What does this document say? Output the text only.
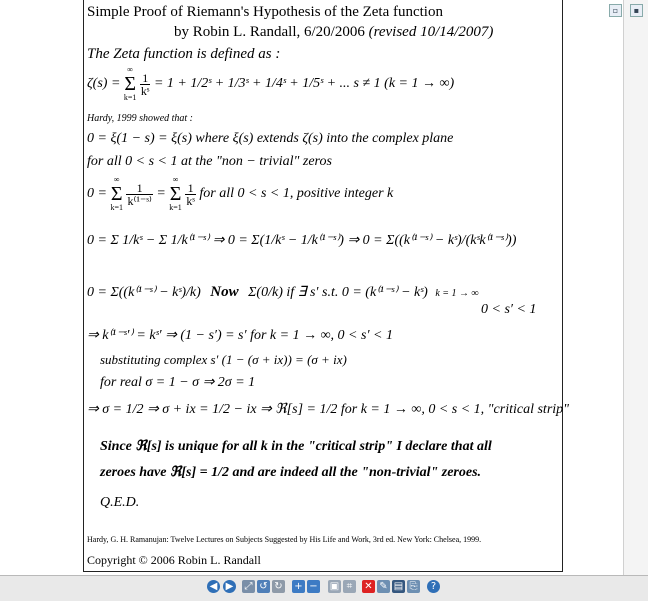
Simple Proof of Riemann's Hypothesis of the Zeta function
by Robin L. Randall, 6/20/2006 (revised 10/14/2007)
The Zeta function is defined as :
ζ(s) =
∞
Σ
k=1

$\frac{1}{\text{kˢ}} = 1$ + 1/2ˢ + 1/3ˢ + 1/4ˢ + 1/5ˢ + ... s ≠ 1 (k = 1 → ∞)
Hardy, 1999 showed that :
0 = ξ(1 − s) = ξ(s) where ξ(s) extends ζ(s) into the complex plane
for all 0 < s < 1 at the "non − trivial" zeros
0 =
∞
Σ
k=1

$\frac{1}{\text{k⁽¹⁻ˢ⁾}}$ =
∞
Σ
k=1

$\frac{1}{\text{kˢ}}$ for all 0 < s < 1, positive integer k
0 = Σ 1/kˢ − Σ 1/k⁽¹⁻ˢ⁾ ⇒ 0 = Σ(1/kˢ − 1/k⁽¹⁻ˢ⁾) ⇒ 0 = Σ((k⁽¹⁻ˢ⁾ − kˢ)/(kˢk⁽¹⁻ˢ⁾))
0 = Σ((k⁽¹⁻ˢ⁾ − kˢ)/k) Now Σ(0/k) if ∃ s′ s.t. 0 = (k⁽¹⁻ˢ⁾ − kˢ) k = 1 → ∞
0 < s′ < 1
⇒ k⁽¹⁻ˢ′⁾ = kˢ′ ⇒ (1 − s′) = s′ for k = 1 → ∞, 0 < s′ < 1
substituting complex s′ (1 − (σ + ix)) = (σ + ix)
for real σ = 1 − σ ⇒ 2σ = 1
⇒ σ = 1/2 ⇒ σ + ix = 1/2 − ix ⇒ ℜ[s] = 1/2 for k = 1 → ∞, 0 < s < 1, "critical strip"
Since ℜ[s] is unique for all k in the "critical strip" I declare that all
zeroes have ℜ[s] = 1/2 and are indeed all the "non-trivial" zeroes.
Q.E.D.
Hardy, G. H. Ramanujan: Twelve Lectures on Subjects Suggested by His Life and Work, 3rd ed. New York: Chelsea, 1999.
Copyright © 2006 Robin L. Randall
▫	▪
◀ ▶ ⤢ ↺ ↻ + − ▣ ⌗	✕ ✎ ▤ ⎘	?
